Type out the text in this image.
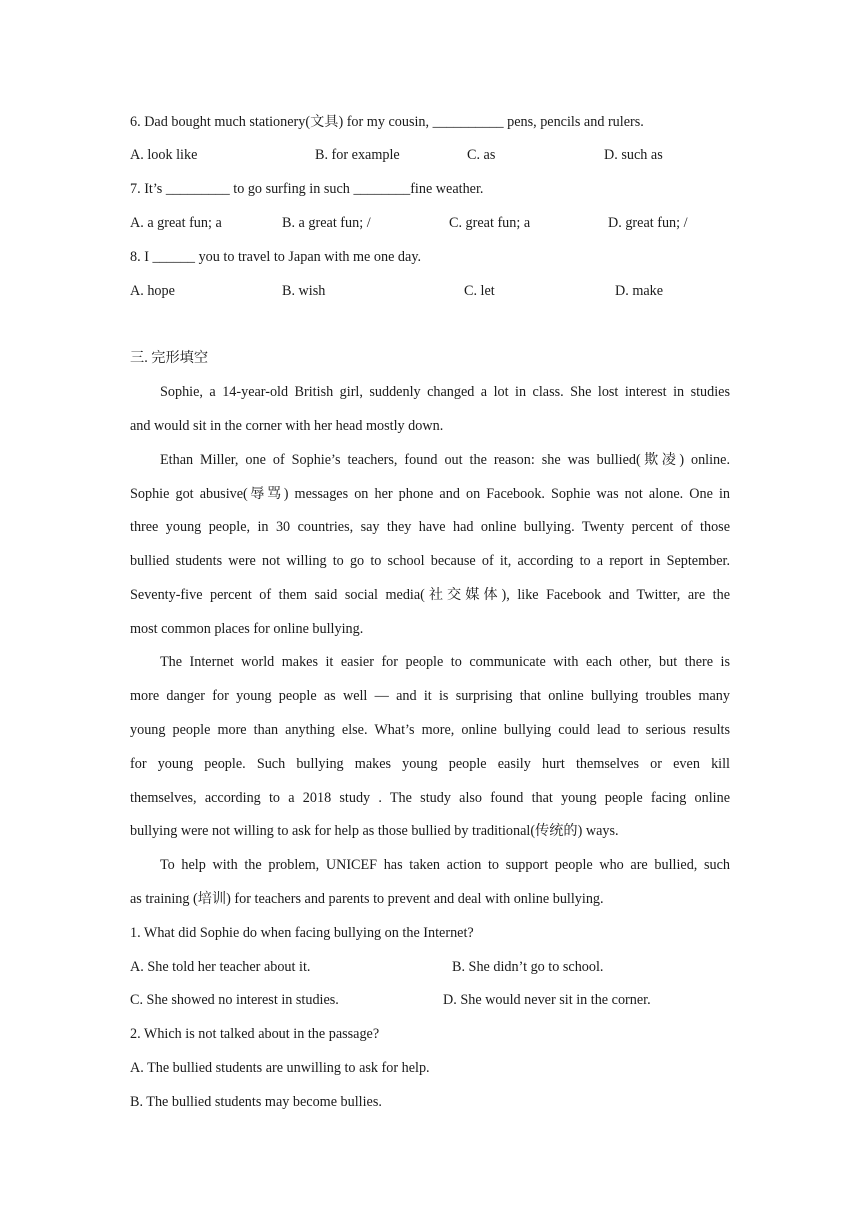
6. Dad bought much stationery(文具) for my cousin, __________ pens, pencils and rulers.
A. look like	B. for example	C. as	D. such as
7. It’s _________ to go surfing in such ________fine weather.
A. a great fun; a	B. a great fun; /	C. great fun; a	D. great fun; /
8. I ______ you to travel to Japan with me one day.
A. hope	B. wish	C. let	D. make
三. 完形填空
Sophie, a 14-year-old British girl, suddenly changed a lot in class. She lost interest in studies
and would sit in the corner with her head mostly down.
Ethan Miller, one of Sophie’s teachers, found out the reason: she was bullied(欺凌) online.
Sophie got abusive(辱骂) messages on her phone and on Facebook. Sophie was not alone. One in
three young people, in 30 countries, say they have had online bullying. Twenty percent of those
bullied students were not willing to go to school because of it, according to a report in September.
Seventy-five percent of them said social media(社交媒体), like Facebook and Twitter, are the
most common places for online bullying.
The Internet world makes it easier for people to communicate with each other, but there is
more danger for young people as well — and it is surprising that online bullying troubles many
young people more than anything else. What’s more, online bullying could lead to serious results
for young people. Such bullying makes young people easily hurt themselves or even kill
themselves, according to a 2018 study . The study also found that young people facing online
bullying were not willing to ask for help as those bullied by traditional(传统的) ways.
To help with the problem, UNICEF has taken action to support people who are bullied, such
as training (培训) for teachers and parents to prevent and deal with online bullying.
1. What did Sophie do when facing bullying on the Internet?
A. She told her teacher about it.	B. She didn’t go to school.
C. She showed no interest in studies.	D. She would never sit in the corner.
2. Which is not talked about in the passage?
A. The bullied students are unwilling to ask for help.
B. The bullied students may become bullies.
